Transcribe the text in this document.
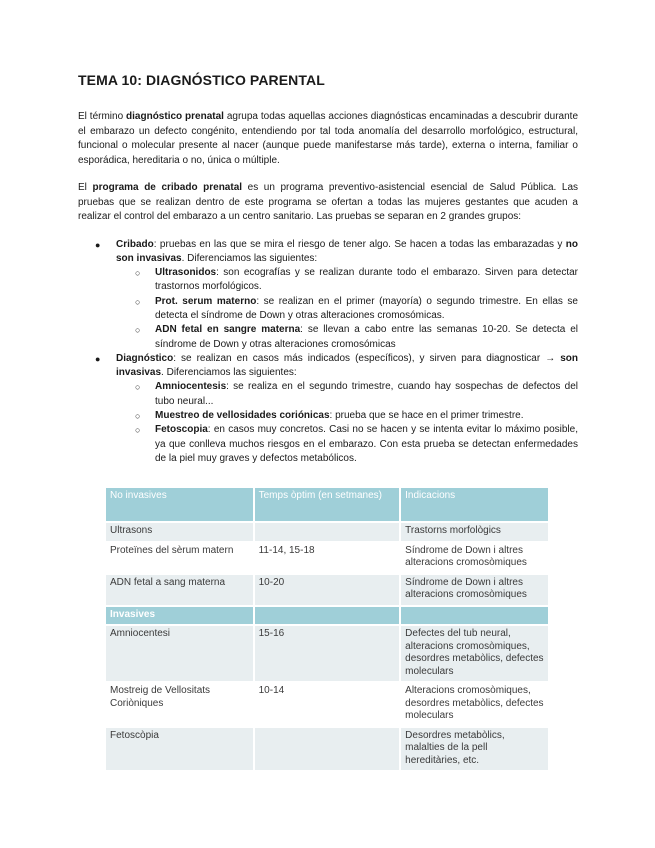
TEMA 10: DIAGNÓSTICO PARENTAL

El término diagnóstico prenatal agrupa todas aquellas acciones diagnósticas encaminadas a descubrir durante el embarazo un defecto congénito, entendiendo por tal toda anomalía del desarrollo morfológico, estructural, funcional o molecular presente al nacer (aunque puede manifestarse más tarde), externa o interna, familiar o esporádica, hereditaria o no, única o múltiple.

El programa de cribado prenatal es un programa preventivo-asistencial esencial de Salud Pública. Las pruebas que se realizan dentro de este programa se ofertan a todas las mujeres gestantes que acuden a realizar el control del embarazo a un centro sanitario. Las pruebas se separan en 2 grandes grupos:

● Cribado: pruebas en las que se mira el riesgo de tener algo. Se hacen a todas las embarazadas y no son invasivas. Diferenciamos las siguientes:
○ Ultrasonidos: son ecografías y se realizan durante todo el embarazo. Sirven para detectar trastornos morfológicos.
○ Prot. serum materno: se realizan en el primer (mayoría) o segundo trimestre. En ellas se detecta el síndrome de Down y otras alteraciones cromosómicas.
○ ADN fetal en sangre materna: se llevan a cabo entre las semanas 10-20. Se detecta el síndrome de Down y otras alteraciones cromosómicas
● Diagnóstico: se realizan en casos más indicados (específicos), y sirven para diagnosticar → son invasivas. Diferenciamos las siguientes:
○ Amniocentesis: se realiza en el segundo trimestre, cuando hay sospechas de defectos del tubo neural...
○ Muestreo de vellosidades coriónicas: prueba que se hace en el primer trimestre.
○ Fetoscopia: en casos muy concretos. Casi no se hacen y se intenta evitar lo máximo posible, ya que conlleva muchos riesgos en el embarazo. Con esta prueba se detectan enfermedades de la piel muy graves y defectos metabólicos.
No invasives	Temps òptim (en setmanes)	Indicacions
Ultrasons		Trastorns morfològics
Proteïnes del sèrum matern	11-14, 15-18	Síndrome de Down i altres alteracions cromosòmiques
ADN fetal a sang materna	10-20	Síndrome de Down i altres alteracions cromosòmiques
Invasives		
Amniocentesi	15-16	Defectes del tub neural, alteracions cromosòmiques, desordres metabòlics, defectes moleculars
Mostreig de Vellositats Coriòniques	10-14	Alteracions cromosòmiques, desordres metabòlics, defectes moleculars
Fetoscòpia		Desordres metabòlics, malalties de la pell hereditàries, etc.
